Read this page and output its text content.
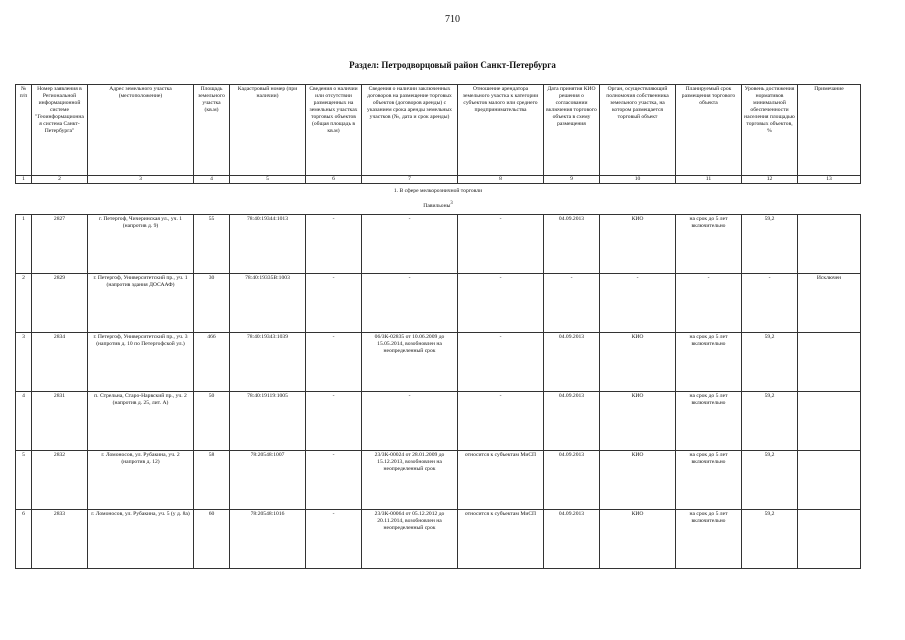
710
Раздел: Петродворцовый район Санкт-Петербурга
№ п/п	Номер заявления в Региональной информационной системе "Геоинформационная система Санкт-Петербурга"	Адрес земельного участка (местоположение)	Площадь земельного участка (кв.м)	Кадастровый номер (при наличии)	Сведения о наличии или отсутствии размещенных на земельных участках торговых объектов (общая площадь в кв.м)	Сведения о наличии заключенных договоров на размещение торговых объектов (договоров аренды) с указанием срока аренды земельных участков (№, дата и срок аренды)	Отношение арендатора земельного участка к категории субъектов малого или среднего предпринимательства	Дата принятия КИО решения о согласовании включения торгового объекта в схему размещения	Орган, осуществляющий полномочия собственника земельного участка, на котором размещается торговый объект	Планируемый срок размещения торгового объекта	Уровень достижения нормативов минимальной обеспеченности населения площадью торговых объектов, %	Примечание
1	2	3	4	5	6	7	8	9	10	11	12	13

1. В сфере мелкорозничной торговли
Павильоны$^3$

1	2827	г. Петергоф, Чичеринская ул., уч. 1 (напротив д. 9)	55	78:40:19344:1013	-	-	-	04.09.2013	КИО	на срок до 5 лет включительно	59,2	
2	2829	г. Петергоф, Университетский пр., уч. 1 (напротив здания ДОСААФ)	30	78:40:19335В:1003	-	-	-	-	-	-	-	Исключен
3	2834	г. Петергоф, Университетский пр., уч. 3 (напротив д. 10 по Петергофской ул.)	466	78:40:19343:1039	-	06/ЗК-02835 от 10.06.2009 до 15.05.2014, возобновлен на неопределенный срок	-	04.09.2013	КИО	на срок до 5 лет включительно	59,2	
4	2831	п. Стрельна, Старо-Нарвский пр., уч. 2 (напротив д. 25, лит. А)	50	78:40:19119:1005	-	-	-	04.09.2013	КИО	на срок до 5 лет включительно	59,2	
5	2832	г. Ломоносов, ул. Рубакина, уч. 2 (напротив д. 12)	58	78:20548:1007	-	23/ЗК-00024 от 28.01.2009 до 15.12.2013, возобновлен на неопределенный срок	относится к субъектам МиСП	04.09.2013	КИО	на срок до 5 лет включительно	59,2	
6	2833	г. Ломоносов, ул. Рубакина, уч. 5 (у д. 8а)	60	78:20548:1016	-	23/ЗК-00064 от 05.12.2012 до 20.11.2014, возобновлен на неопределенный срок	относится к субъектам МиСП	04.09.2013	КИО	на срок до 5 лет включительно	59,2	
